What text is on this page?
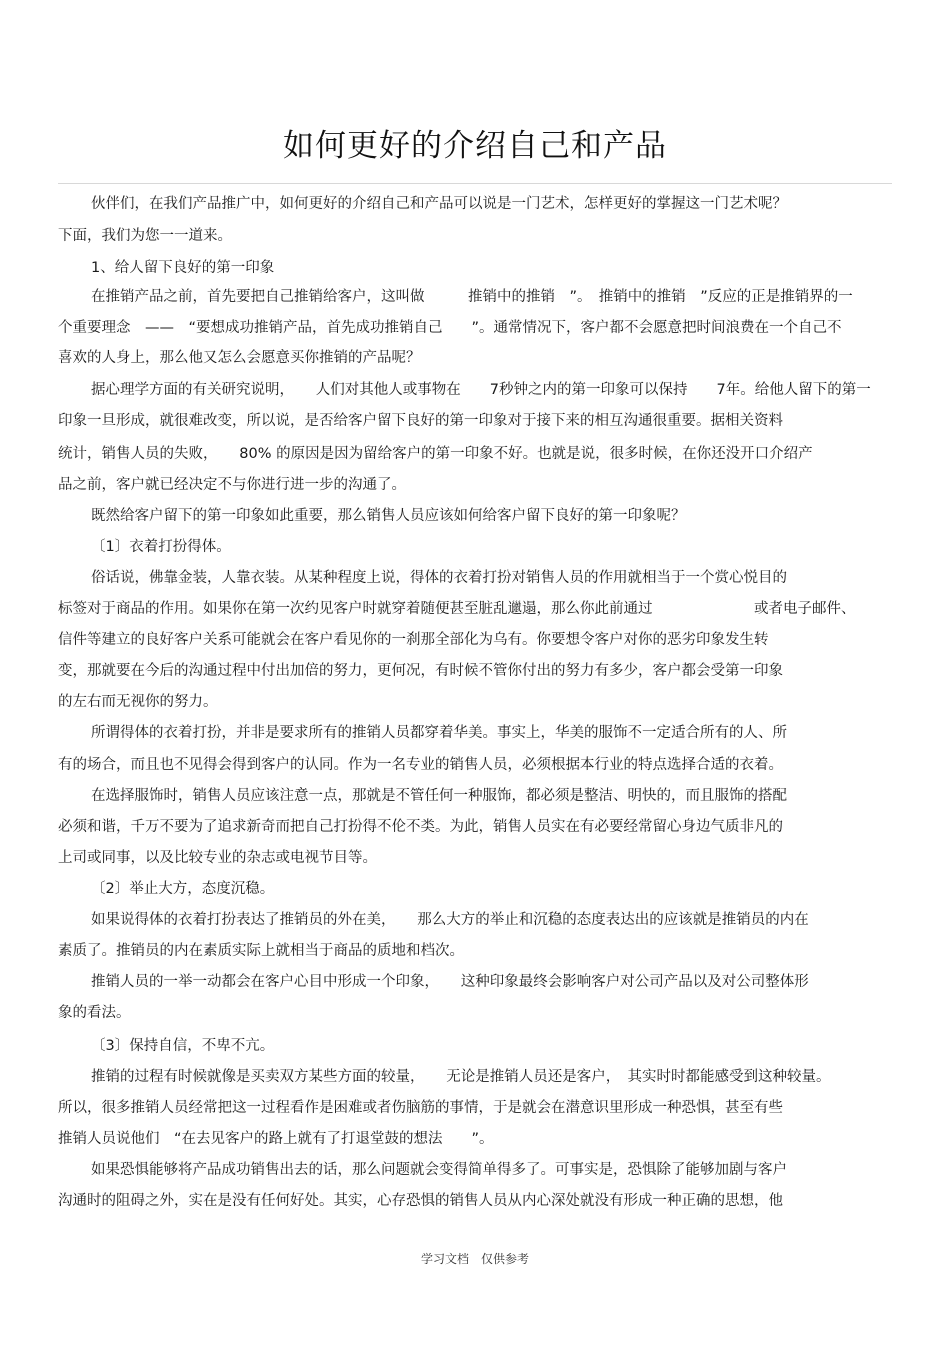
如何更好的介绍自己和产品
伙伴们，在我们产品推广中，如何更好的介绍自己和产品可以说是一门艺术，怎样更好的掌握这一门艺术呢？
下面，我们为您一一道来。
1、给人留下良好的第一印象
在推销产品之前，首先要把自己推销给客户，这叫做　　　推销中的推销　”。　推销中的推销　”反应的正是推销界的一
个重要理念　——　“要想成功推销产品，首先成功推销自己　　”。通常情况下，客户都不会愿意把时间浪费在一个自己不
喜欢的人身上，那么他又怎么会愿意买你推销的产品呢？
据心理学方面的有关研究说明，　　人们对其他人或事物在　　7秒钟之内的第一印象可以保持　　7年。给他人留下的第一
印象一旦形成，就很难改变，所以说，是否给客户留下良好的第一印象对于接下来的相互沟通很重要。据相关资料
统计，销售人员的失败，　　80% 的原因是因为留给客户的第一印象不好。也就是说，很多时候，在你还没开口介绍产
品之前，客户就已经决定不与你进行进一步的沟通了。
既然给客户留下的第一印象如此重要，那么销售人员应该如何给客户留下良好的第一印象呢？
〔1〕衣着打扮得体。
俗话说，佛靠金装，人靠衣装。从某种程度上说，得体的衣着打扮对销售人员的作用就相当于一个赏心悦目的
标签对于商品的作用。如果你在第一次约见客户时就穿着随便甚至脏乱邋遢，那么你此前通过　　　　　　　或者电子邮件、
信件等建立的良好客户关系可能就会在客户看见你的一刹那全部化为乌有。你要想令客户对你的恶劣印象发生转
变，那就要在今后的沟通过程中付出加倍的努力，更何况，有时候不管你付出的努力有多少，客户都会受第一印象
的左右而无视你的努力。
所谓得体的衣着打扮，并非是要求所有的推销人员都穿着华美。事实上，华美的服饰不一定适合所有的人、所
有的场合，而且也不见得会得到客户的认同。作为一名专业的销售人员，必须根据本行业的特点选择合适的衣着。
在选择服饰时，销售人员应该注意一点，那就是不管任何一种服饰，都必须是整洁、明快的，而且服饰的搭配
必须和谐，千万不要为了追求新奇而把自己打扮得不伦不类。为此，销售人员实在有必要经常留心身边气质非凡的
上司或同事，以及比较专业的杂志或电视节目等。
〔2〕举止大方，态度沉稳。
如果说得体的衣着打扮表达了推销员的外在美，　　那么大方的举止和沉稳的态度表达出的应该就是推销员的内在
素质了。推销员的内在素质实际上就相当于商品的质地和档次。
推销人员的一举一动都会在客户心目中形成一个印象，　　这种印象最终会影响客户对公司产品以及对公司整体形
象的看法。
〔3〕保持自信，不卑不亢。
推销的过程有时候就像是买卖双方某些方面的较量，　　无论是推销人员还是客户，　其实时时都能感受到这种较量。
所以，很多推销人员经常把这一过程看作是困难或者伤脑筋的事情，于是就会在潜意识里形成一种恐惧，甚至有些
推销人员说他们　“在去见客户的路上就有了打退堂鼓的想法　　”。
如果恐惧能够将产品成功销售出去的话，那么问题就会变得简单得多了。可事实是，恐惧除了能够加剧与客户
沟通时的阻碍之外，实在是没有任何好处。其实，心存恐惧的销售人员从内心深处就没有形成一种正确的思想，他
学习文档　仅供参考
